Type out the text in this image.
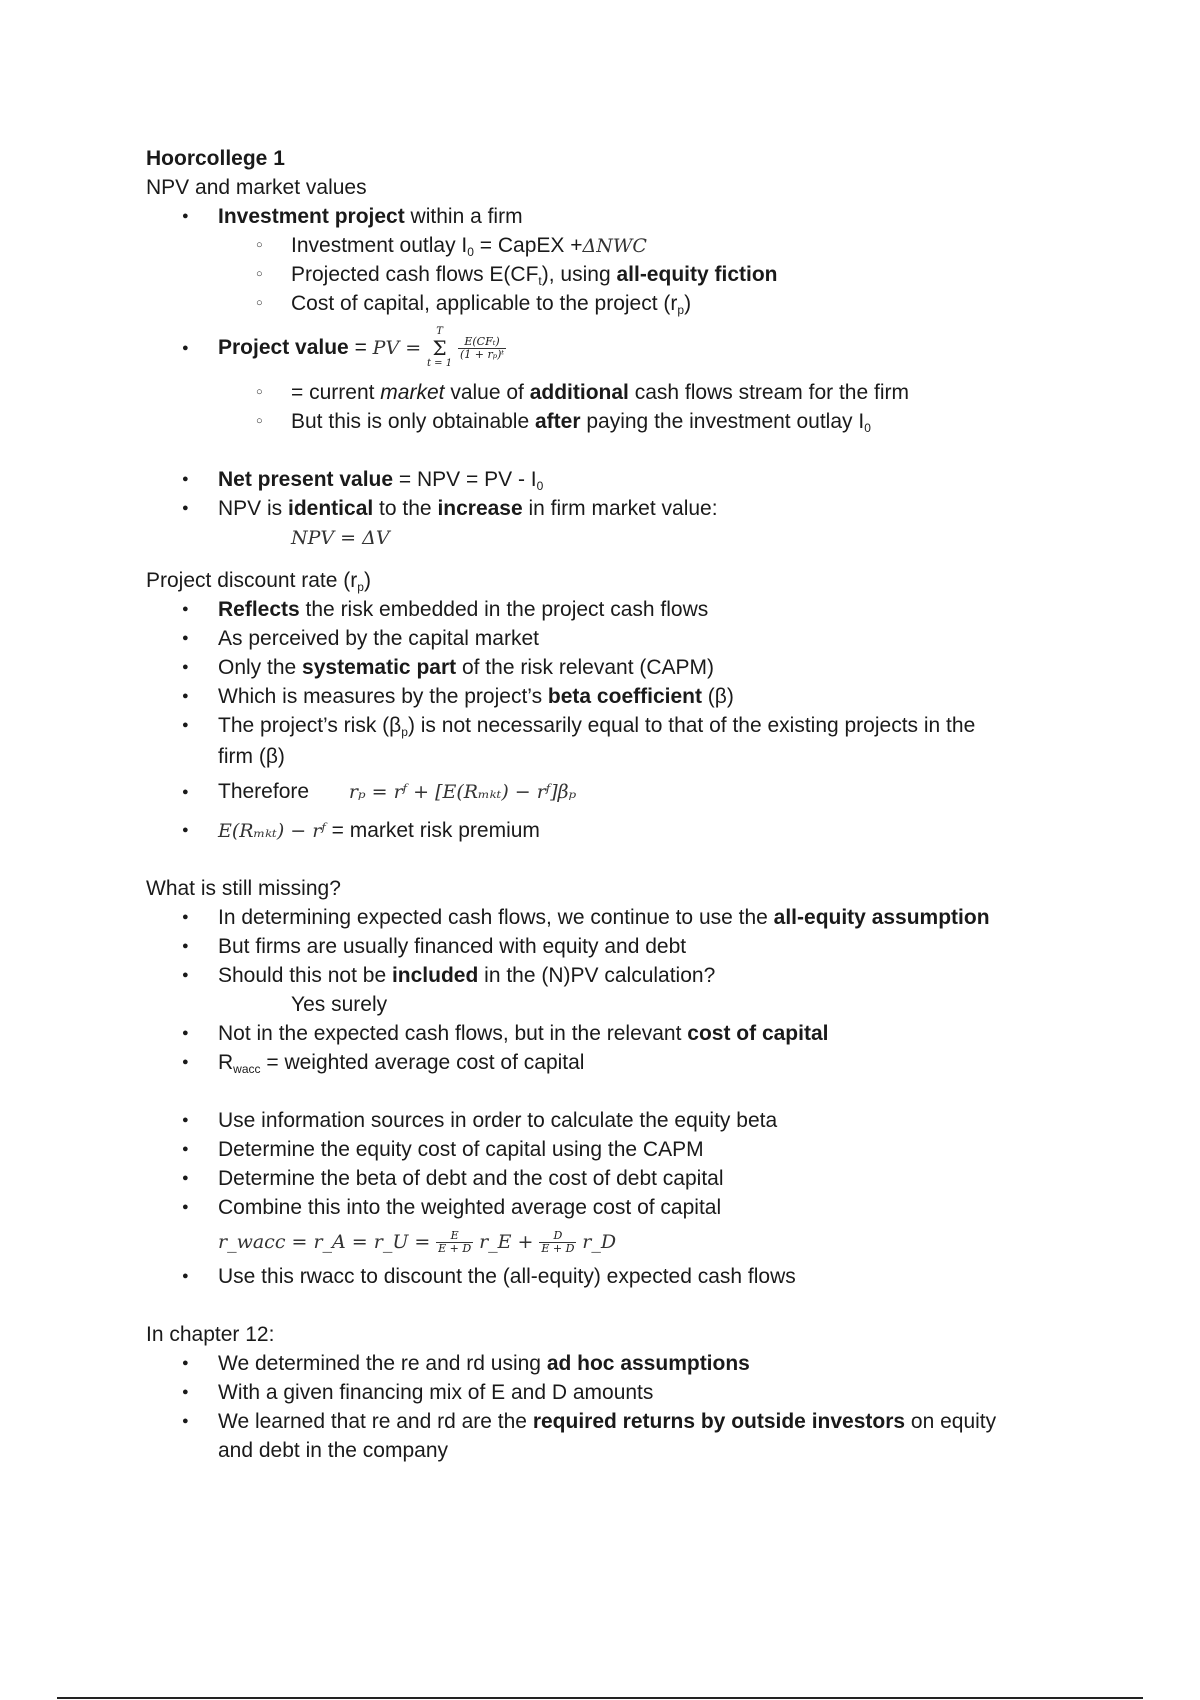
Hoorcollege 1
NPV and market values
● Investment project within a firm
○ Investment outlay $I_0$ = CapEX +ΔNWC
○ Projected cash flows $E(CF_t)$, using all-equity fiction
○ Cost of capital, applicable to the project $(r_p)$
● Project value = PV =
T
Σ
t = 1

$\frac{\text{E(CFₜ)}}{\text{(1 + rₚ)ᵗ}}$
○ = current market value of additional cash flows stream for the firm
○ But this is only obtainable after paying the investment outlay $I_0$
● Net present value = NPV = PV - $I_0$
● NPV is identical to the increase in firm market value:
NPV = ΔV
Project discount rate $(r_p)$
● Reflects the risk embedded in the project cash flows
● As perceived by the capital market
● Only the systematic part of the risk relevant (CAPM)
● Which is measures by the project’s beta coefficient (β)
● The project’s risk $(\beta_p)$ is not necessarily equal to that of the existing projects in the
firm (β)
● Therefore rₚ = rᶠ + [E(Rₘₖₜ) − rᶠ]βₚ
● E(Rₘₖₜ) − rᶠ = market risk premium
What is still missing?
● In determining expected cash flows, we continue to use the all-equity assumption
● But firms are usually financed with equity and debt
● Should this not be included in the (N)PV calculation?
Yes surely
● Not in the expected cash flows, but in the relevant cost of capital
● $R_{wacc}$ = weighted average cost of capital
● Use information sources in order to calculate the equity beta
● Determine the equity cost of capital using the CAPM
● Determine the beta of debt and the cost of debt capital
● Combine this into the weighted average cost of capital
r_wacc = r_A = r_U = $\frac{E}{E + D}$ r_E + $\frac{D}{E + D}$ r_D
● Use this rwacc to discount the (all-equity) expected cash flows
In chapter 12:
● We determined the re and rd using ad hoc assumptions
● With a given financing mix of E and D amounts
● We learned that re and rd are the required returns by outside investors on equity
and debt in the company
